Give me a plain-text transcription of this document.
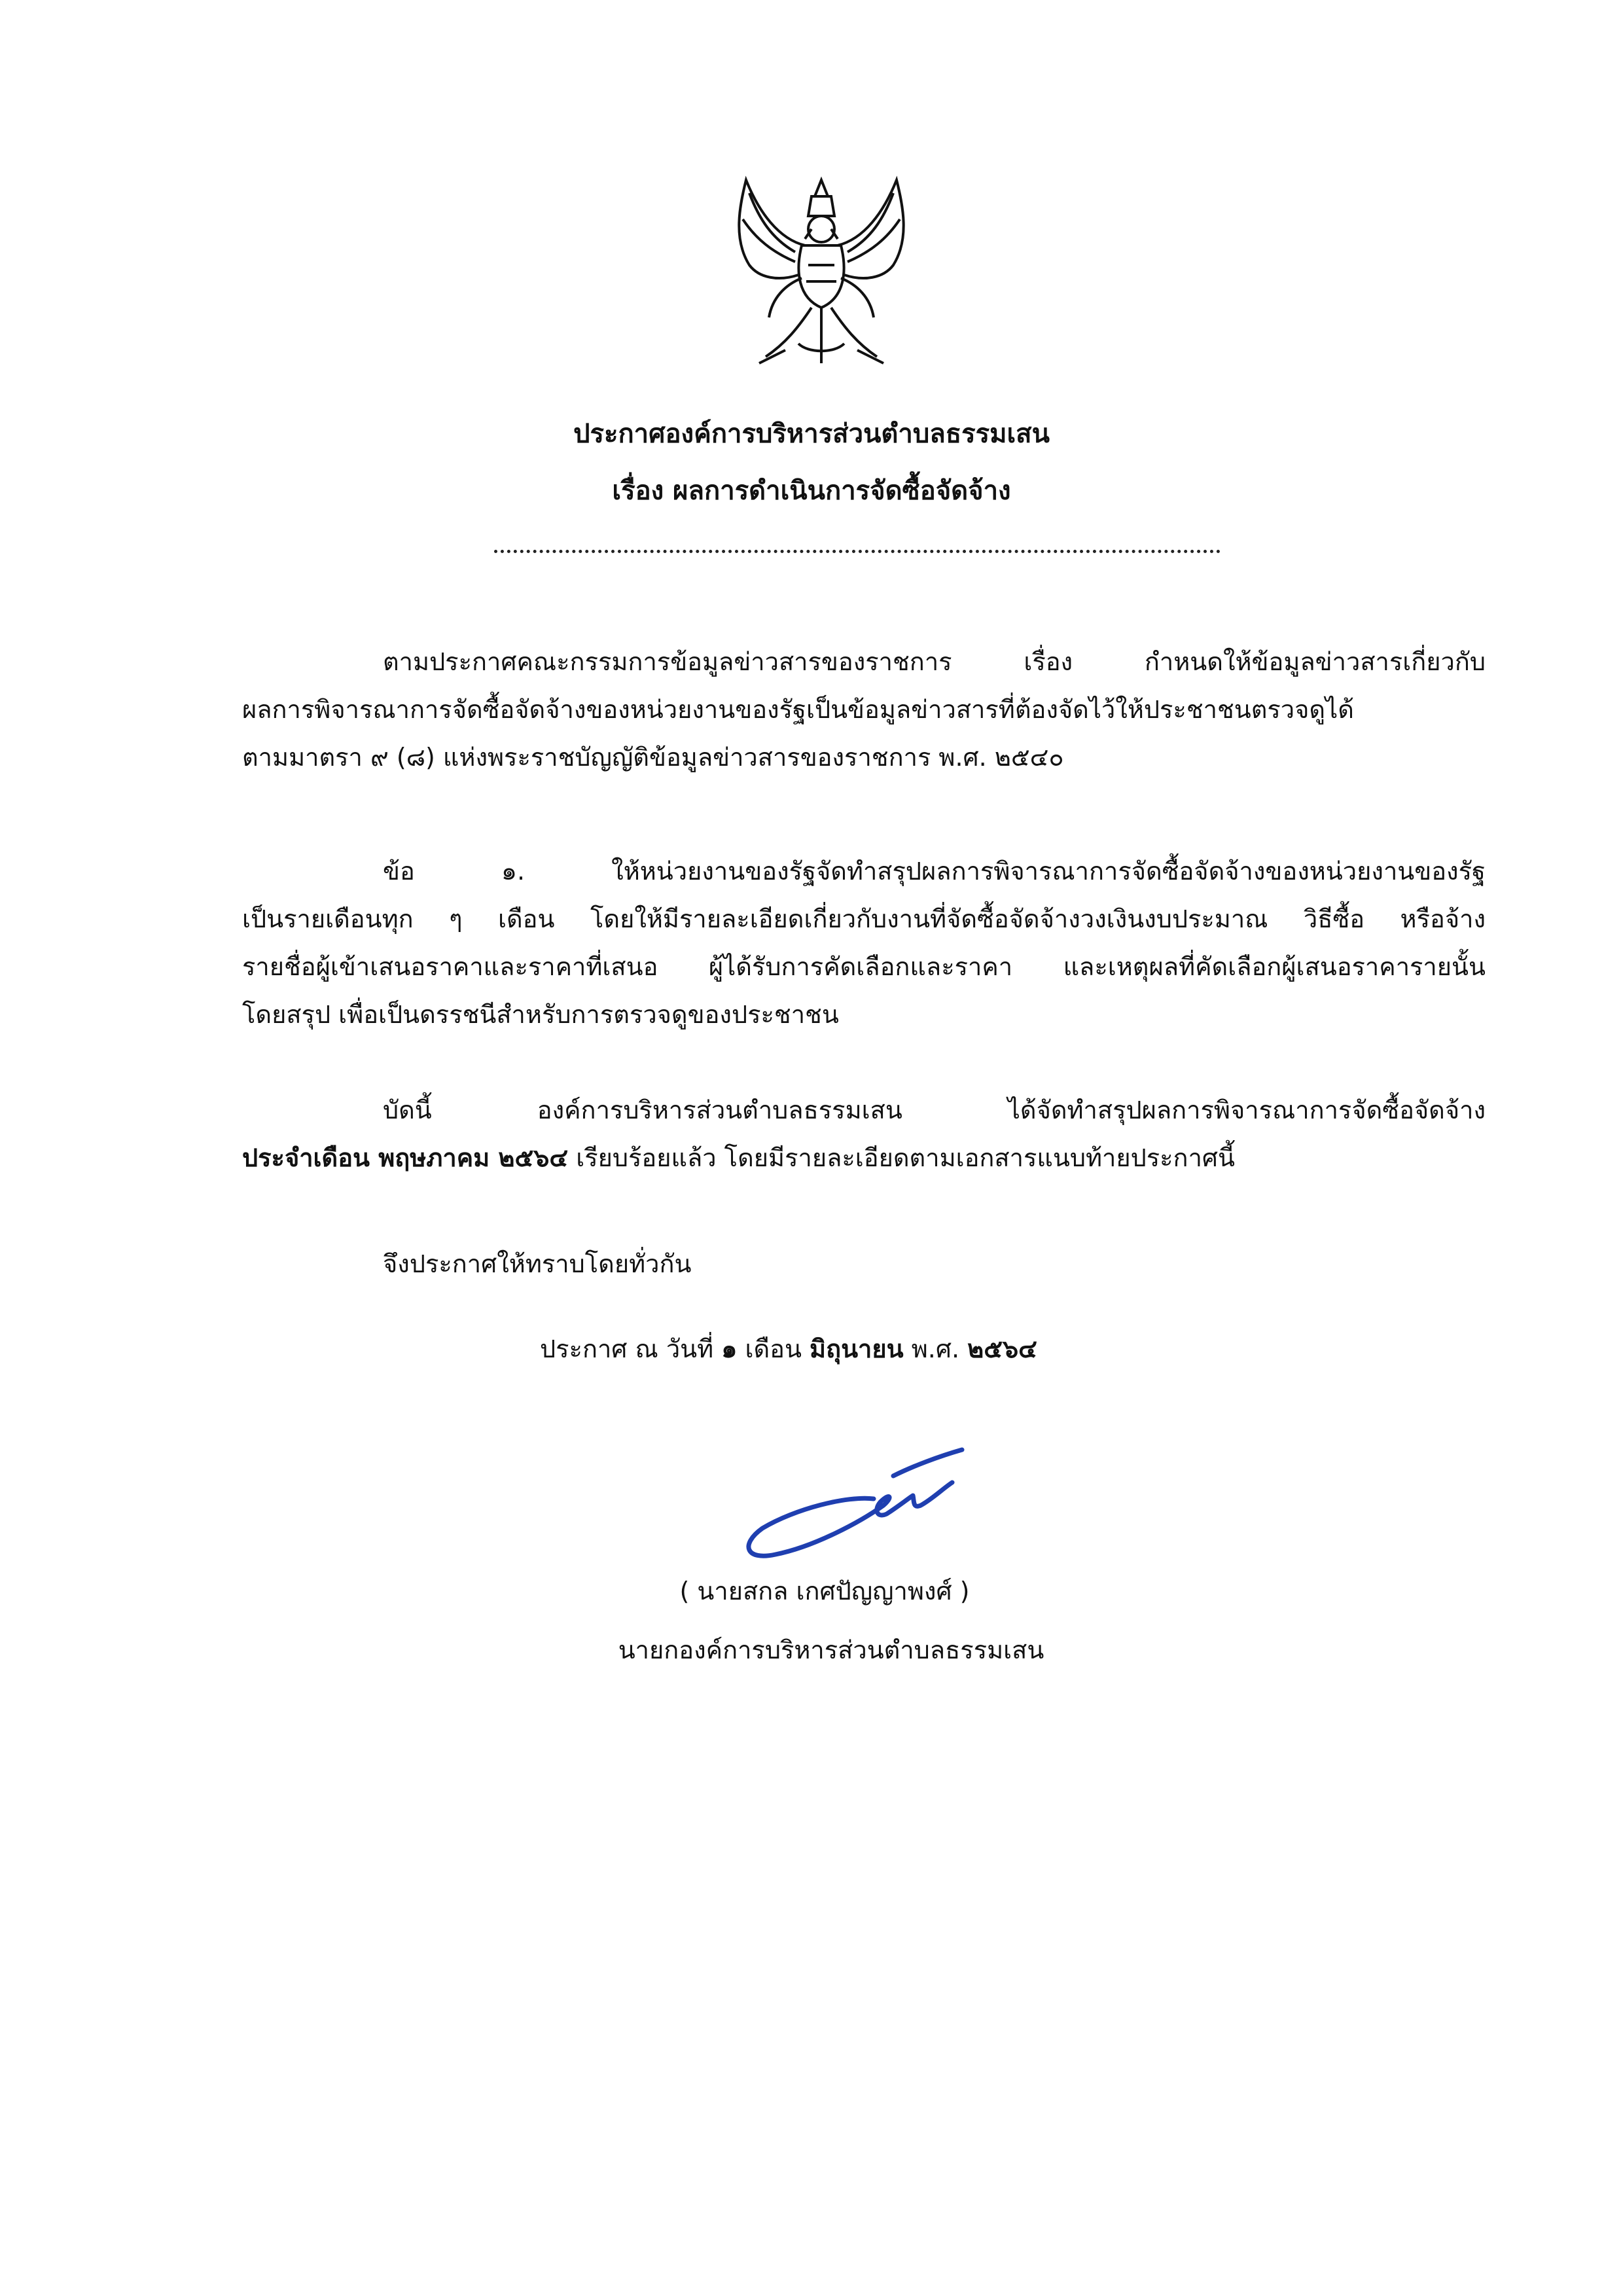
ประกาศองค์การบริหารส่วนตำบลธรรมเสน
เรื่อง ผลการดำเนินการจัดซื้อจัดจ้าง
ตามประกาศคณะกรรมการข้อมูลข่าวสารของราชการ เรื่อง กำหนดให้ข้อมูลข่าวสารเกี่ยวกับ
ผลการพิจารณาการจัดซื้อจัดจ้างของหน่วยงานของรัฐเป็นข้อมูลข่าวสารที่ต้องจัดไว้ให้ประชาชนตรวจดูได้
ตามมาตรา ๙ (๘) แห่งพระราชบัญญัติข้อมูลข่าวสารของราชการ พ.ศ. ๒๕๔๐
ข้อ ๑. ให้หน่วยงานของรัฐจัดทำสรุปผลการพิจารณาการจัดซื้อจัดจ้างของหน่วยงานของรัฐ
เป็นรายเดือนทุก ๆ เดือน โดยให้มีรายละเอียดเกี่ยวกับงานที่จัดซื้อจัดจ้างวงเงินงบประมาณ วิธีซื้อ หรือจ้าง
รายชื่อผู้เข้าเสนอราคาและราคาที่เสนอ ผู้ได้รับการคัดเลือกและราคา และเหตุผลที่คัดเลือกผู้เสนอราคารายนั้น
โดยสรุป เพื่อเป็นดรรชนีสำหรับการตรวจดูของประชาชน
บัดนี้ องค์การบริหารส่วนตำบลธรรมเสน ได้จัดทำสรุปผลการพิจารณาการจัดซื้อจัดจ้าง
ประจำเดือน พฤษภาคม ๒๕๖๔ เรียบร้อยแล้ว โดยมีรายละเอียดตามเอกสารแนบท้ายประกาศนี้
จึงประกาศให้ทราบโดยทั่วกัน
ประกาศ ณ วันที่ ๑ เดือน มิถุนายน พ.ศ. ๒๕๖๔
( นายสกล เกศปัญญาพงศ์ )
นายกองค์การบริหารส่วนตำบลธรรมเสน
